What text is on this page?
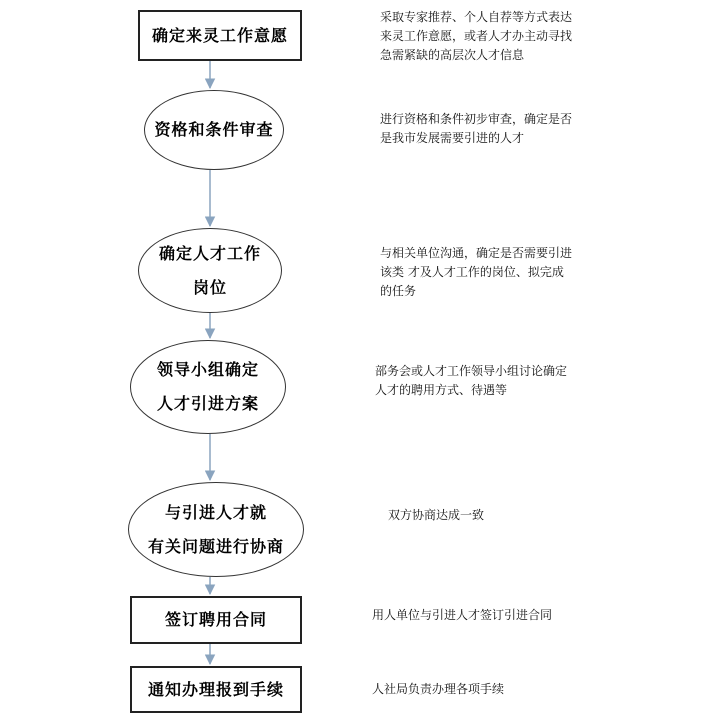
确定来灵工作意愿
采取专家推荐、个人自荐等方式表达
来灵工作意愿，或者人才办主动寻找
急需紧缺的高层次人才信息
资格和条件审查
进行资格和条件初步审查，确定是否
是我市发展需要引进的人才
确定人才工作
岗位
与相关单位沟通，确定是否需要引进
该类 才及人才工作的岗位、拟完成
的任务
领导小组确定
人才引进方案
部务会或人才工作领导小组讨论确定
人才的聘用方式、待遇等
与引进人才就
有关问题进行协商
双方协商达成一致
签订聘用合同	用人单位与引进人才签订引进合同
通知办理报到手续	人社局负责办理各项手续
